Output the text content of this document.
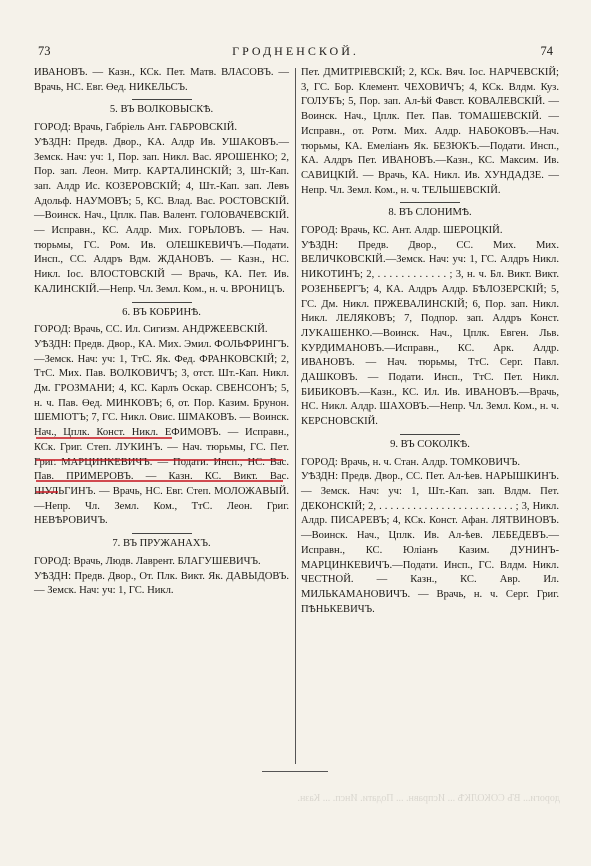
73	ГРОДНЕНСКОЙ.	74

ИВАНОВЪ. — Казн., КСк. Пет. Матв. ВЛАСОВЪ. — Врачь, НС. Евг. Өед. НИКЕЛЬСЪ.

5. ВЪ ВОЛКОВЫСКѢ.

ГОРОД: Врачь, Габріель Ант. ГАБРОВСКІЙ.

УѢЗДН: Предв. Двор., КА. Алдр Ив. УШАКОВЪ.—Земск. Нач: уч: 1, Пор. зап. Никл. Вас. ЯРОШЕНКО; 2, Пор. зап. Леон. Митр. КАРТАЛИНСКІЙ; 3, Шт-Кап. зап. Алдр Ис. КОЗЕРОВСКІЙ; 4, Шт.-Кап. зап. Левъ Адольф. НАУМОВЪ; 5, КС. Влад. Вас. РОСТОВСКІЙ.—Воинск. Нач., Цплк. Пав. Валент. ГОЛОВАЧЕВСКІЙ. — Исправн., КС. Алдр. Мих. ГОРЬЛОВЪ. — Нач. тюрьмы, ГС. Ром. Ив. ОЛЕШКЕВИЧЪ.—Подати. Инсп., СС. Алдръ Вдм. ЖДАНОВЪ. — Казн., НС. Никл. Іос. ВЛОСТОВСКІЙ — Врачь, КА. Пет. Ив. КАЛИНСКІЙ.—Непр. Чл. Земл. Ком., н. ч. ВРОНИЦЪ.

6. ВЪ КОБРИНѢ.

ГОРОД: Врачь, СС. Ил. Сигизм. АНДРЖЕЕВСКІЙ.

УѢЗДН: Предв. Двор., КА. Мих. Эмил. ФОЛЬФРИНГЪ.—Земск. Нач: уч: 1, ТтС. Як. Фед. ФРАНКОВСКІЙ; 2, ТтС. Мих. Пав. ВОЛКОВИЧЪ; 3, отст. Шт.-Кап. Никл. Дм. ГРОЗМАНИ; 4, КС. Карлъ Оскар. СВЕНСОНЪ; 5, н. ч. Пав. Өед. МИНКОВЪ; 6, от. Пор. Казим. Брунон. ШЕМІОТЪ; 7, ГС. Никл. Овис. ШМАКОВЪ. — Воинск. Нач., Цплк. Конст. Никл. ЕФИМОВЪ. — Исправн., КСк. Григ. Степ. ЛУКИНЪ. — Нач. тюрьмы, ГС. Пет. Григ. МАРЦИНКЕВИЧЪ. — Подати. Инсп., НС. Вас. Пав. ПРИМЕРОВЪ. — Казн. КС. Викт. Вас. ШУЛЬГИНЪ. — Врачь, НС. Евг. Степ. МОЛОЖАВЫЙ.—Непр. Чл. Земл. Ком., ТтС. Леон. Григ. НЕВѢРОВИЧЪ.

7. ВЪ ПРУЖАНАХЪ.

ГОРОД: Врачь, Людв. Лаврент. БЛАГУШЕВИЧЪ.

УѢЗДН: Предв. Двор., От. Плк. Викт. Як. ДАВЫДОВЪ. — Земск. Нач: уч: 1, ГС. Никл.

Пет. ДМИТРІЕВСКІЙ; 2, КСк. Вяч. Іос. НАРЧЕВСКІЙ; 3, ГС. Бор. Клемент. ЧЕХОВИЧЪ; 4, КСк. Влдм. Куз. ГОЛУБЪ; 5, Пор. зап. Ал-ѣй Фавст. КОВАЛЕВСКІЙ. — Воинск. Нач., Цплк. Пет. Пав. ТОМАШЕВСКІЙ. —Исправн., от. Ротм. Мих. Алдр. НАБОКОВЪ.—Нач. тюрьмы, КА. Емеліанъ Як. БЕЗЮКЪ.—Подати. Инсп., КА. Алдръ Пет. ИВАНОВЪ.—Казн., КС. Максим. Ив. САВИЦКІЙ. — Врачь, КА. Никл. Ив. ХУНДАДЗЕ. — Непр. Чл. Земл. Ком., н. ч. ТЕЛЬШЕВСКІЙ.

8. ВЪ СЛОНИМѢ.

ГОРОД: Врачь, КС. Ант. Алдр. ШЕРОЦКІЙ.

УѢЗДН: Предв. Двор., СС. Мих. Мих. ВЕЛИЧКОВСКІЙ.—Земск. Нач: уч: 1, ГС. Алдръ Никл. НИКОТИНЪ; 2, . . . . . . . . . . . . ; 3, н. ч. Бл. Викт. Викт. РОЗЕНБЕРГЪ; 4, КА. Алдръ Алдр. БѢЛОЗЕРСКІЙ; 5, ГС. Дм. Никл. ПРЖЕВАЛИНСКІЙ; 6, Пор. зап. Никл. Никл. ЛЕЛЯКОВЪ; 7, Подпор. зап. Алдръ Конст. ЛУКАШЕНКО.—Воинск. Нач., Цплк. Евген. Льв. КУРДИМАНОВЪ.—Исправн., КС. Арк. Алдр. ИВАНОВЪ. — Нач. тюрьмы, ТтС. Серг. Павл. ДАШКОВЪ. — Подати. Инсп., ТтС. Пет. Никл. БИБИКОВЪ.—Казн., КС. Ил. Ив. ИВАНОВЪ.—Врачь, НС. Никл. Алдр. ШАХОВЪ.—Непр. Чл. Земл. Ком., н. ч. КЕРСНОВСКІЙ.

9. ВЪ СОКОЛКѢ.

ГОРОД: Врачь, н. ч. Стан. Алдр. ТОМКОВИЧЪ.

УѢЗДН: Предв. Двор., СС. Пет. Ал-ѣев. НАРЫШКИНЪ. — Земск. Нач: уч: 1, Шт.-Кап. зап. Влдм. Пет. ДЕКОНСКІЙ; 2, . . . . . . . . . . . . . . . . . . . . . . . . ; 3, Никл. Алдр. ПИСАРЕВЪ; 4, КСк. Конст. Афан. ЛЯТВИНОВЪ.—Воинск. Нач., Цплк. Ив. Ал-ѣев. ЛЕБЕДЕВЪ.—Исправн., КС. Юліанъ Казим. ДУНИНЪ-МАРЦИНКЕВИЧЪ.—Подати. Инсп., ГС. Влдм. Никл. ЧЕСТНОЙ. — Казн., КС. Авр. Ил. МИЛЬКАМАНОВИЧЪ. — Врачь, н. ч. Серг. Григ. ПѢНЬКЕВИЧЪ.

дороги... ВЪ СОКОЛКѢ ... Исправн. ... Подати. Инсп. ... Казн.
